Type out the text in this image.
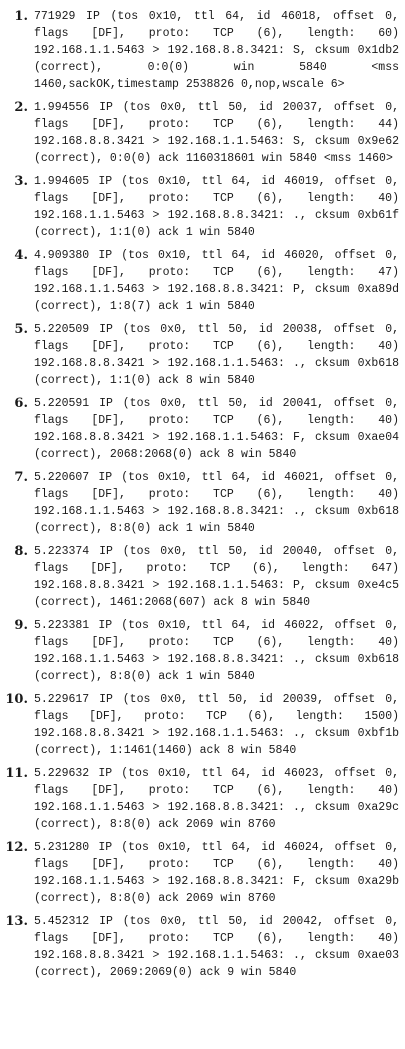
1. 771929 IP (tos 0x10, ttl 64, id 46018, offset 0, flags [DF], proto: TCP (6), length: 60) 192.168.1.1.5463 > 192.168.8.8.3421: S, cksum 0x1db2 (correct), 0:0(0) win 5840 <mss 1460,sackOK,timestamp 2538826 0,nop,wscale 6>
2. 1.994556 IP (tos 0x0, ttl 50, id 20037, offset 0, flags [DF], proto: TCP (6), length: 44) 192.168.8.8.3421 > 192.168.1.1.5463: S, cksum 0x9e62 (correct), 0:0(0) ack 1160318601 win 5840 <mss 1460>
3. 1.994605 IP (tos 0x10, ttl 64, id 46019, offset 0, flags [DF], proto: TCP (6), length: 40) 192.168.1.1.5463 > 192.168.8.8.3421: ., cksum 0xb61f (correct), 1:1(0) ack 1 win 5840
4. 4.909380 IP (tos 0x10, ttl 64, id 46020, offset 0, flags [DF], proto: TCP (6), length: 47) 192.168.1.1.5463 > 192.168.8.8.3421: P, cksum 0xa89d (correct), 1:8(7) ack 1 win 5840
5. 5.220509 IP (tos 0x0, ttl 50, id 20038, offset 0, flags [DF], proto: TCP (6), length: 40) 192.168.8.8.3421 > 192.168.1.1.5463: ., cksum 0xb618 (correct), 1:1(0) ack 8 win 5840
6. 5.220591 IP (tos 0x0, ttl 50, id 20041, offset 0, flags [DF], proto: TCP (6), length: 40) 192.168.8.8.3421 > 192.168.1.1.5463: F, cksum 0xae04 (correct), 2068:2068(0) ack 8 win 5840
7. 5.220607 IP (tos 0x10, ttl 64, id 46021, offset 0, flags [DF], proto: TCP (6), length: 40) 192.168.1.1.5463 > 192.168.8.8.3421: ., cksum 0xb618 (correct), 8:8(0) ack 1 win 5840
8. 5.223374 IP (tos 0x0, ttl 50, id 20040, offset 0, flags [DF], proto: TCP (6), length: 647) 192.168.8.8.3421 > 192.168.1.1.5463: P, cksum 0xe4c5 (correct), 1461:2068(607) ack 8 win 5840
9. 5.223381 IP (tos 0x10, ttl 64, id 46022, offset 0, flags [DF], proto: TCP (6), length: 40) 192.168.1.1.5463 > 192.168.8.8.3421: ., cksum 0xb618 (correct), 8:8(0) ack 1 win 5840
10. 5.229617 IP (tos 0x0, ttl 50, id 20039, offset 0, flags [DF], proto: TCP (6), length: 1500) 192.168.8.8.3421 > 192.168.1.1.5463: ., cksum 0xbf1b (correct), 1:1461(1460) ack 8 win 5840
11. 5.229632 IP (tos 0x10, ttl 64, id 46023, offset 0, flags [DF], proto: TCP (6), length: 40) 192.168.1.1.5463 > 192.168.8.8.3421: ., cksum 0xa29c (correct), 8:8(0) ack 2069 win 8760
12. 5.231280 IP (tos 0x10, ttl 64, id 46024, offset 0, flags [DF], proto: TCP (6), length: 40) 192.168.1.1.5463 > 192.168.8.8.3421: F, cksum 0xa29b (correct), 8:8(0) ack 2069 win 8760
13. 5.452312 IP (tos 0x0, ttl 50, id 20042, offset 0, flags [DF], proto: TCP (6), length: 40) 192.168.8.8.3421 > 192.168.1.1.5463: ., cksum 0xae03 (correct), 2069:2069(0) ack 9 win 5840
